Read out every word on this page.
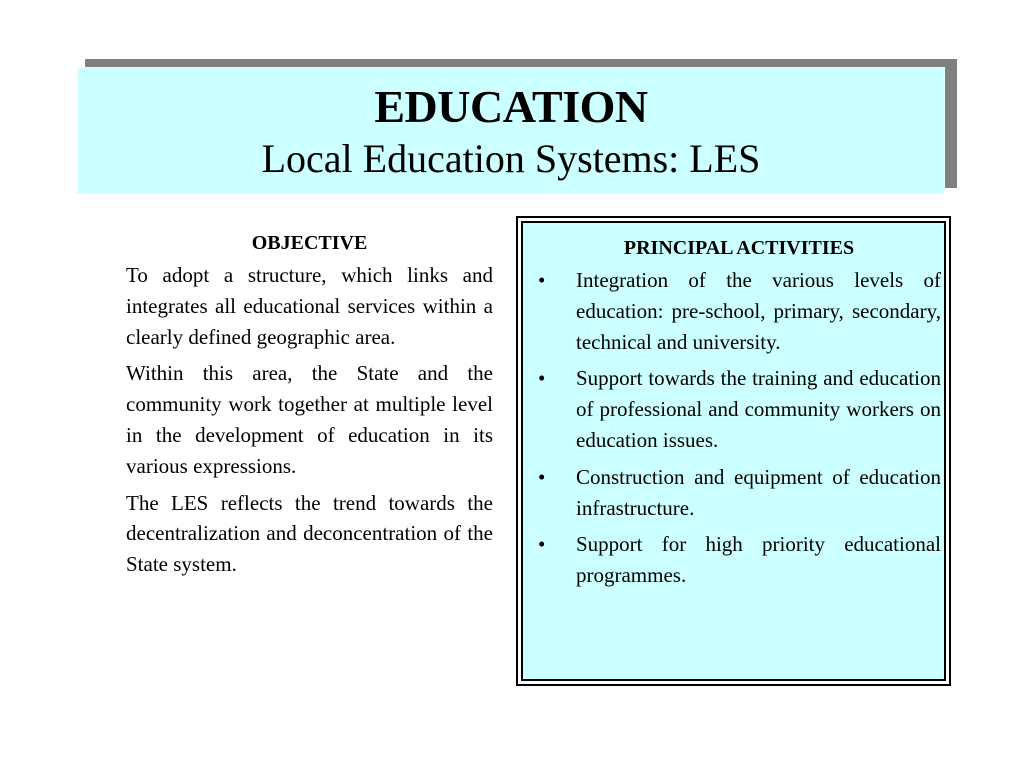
EDUCATION
Local Education Systems: LES
OBJECTIVE

To adopt a structure, which links and integrates all educational services within a clearly defined geographic area.

Within this area, the State and the community work together at multiple level in the development of education in its various expressions.

The LES reflects the trend towards the decentralization and deconcentration of the State system.

PRINCIPAL ACTIVITIES
• Integration of the various levels of education: pre-school, primary, secondary, technical and university.
• Support towards the training and education of professional and community workers on education issues.
• Construction and equipment of education infrastructure.
• Support for high priority educational programmes.
